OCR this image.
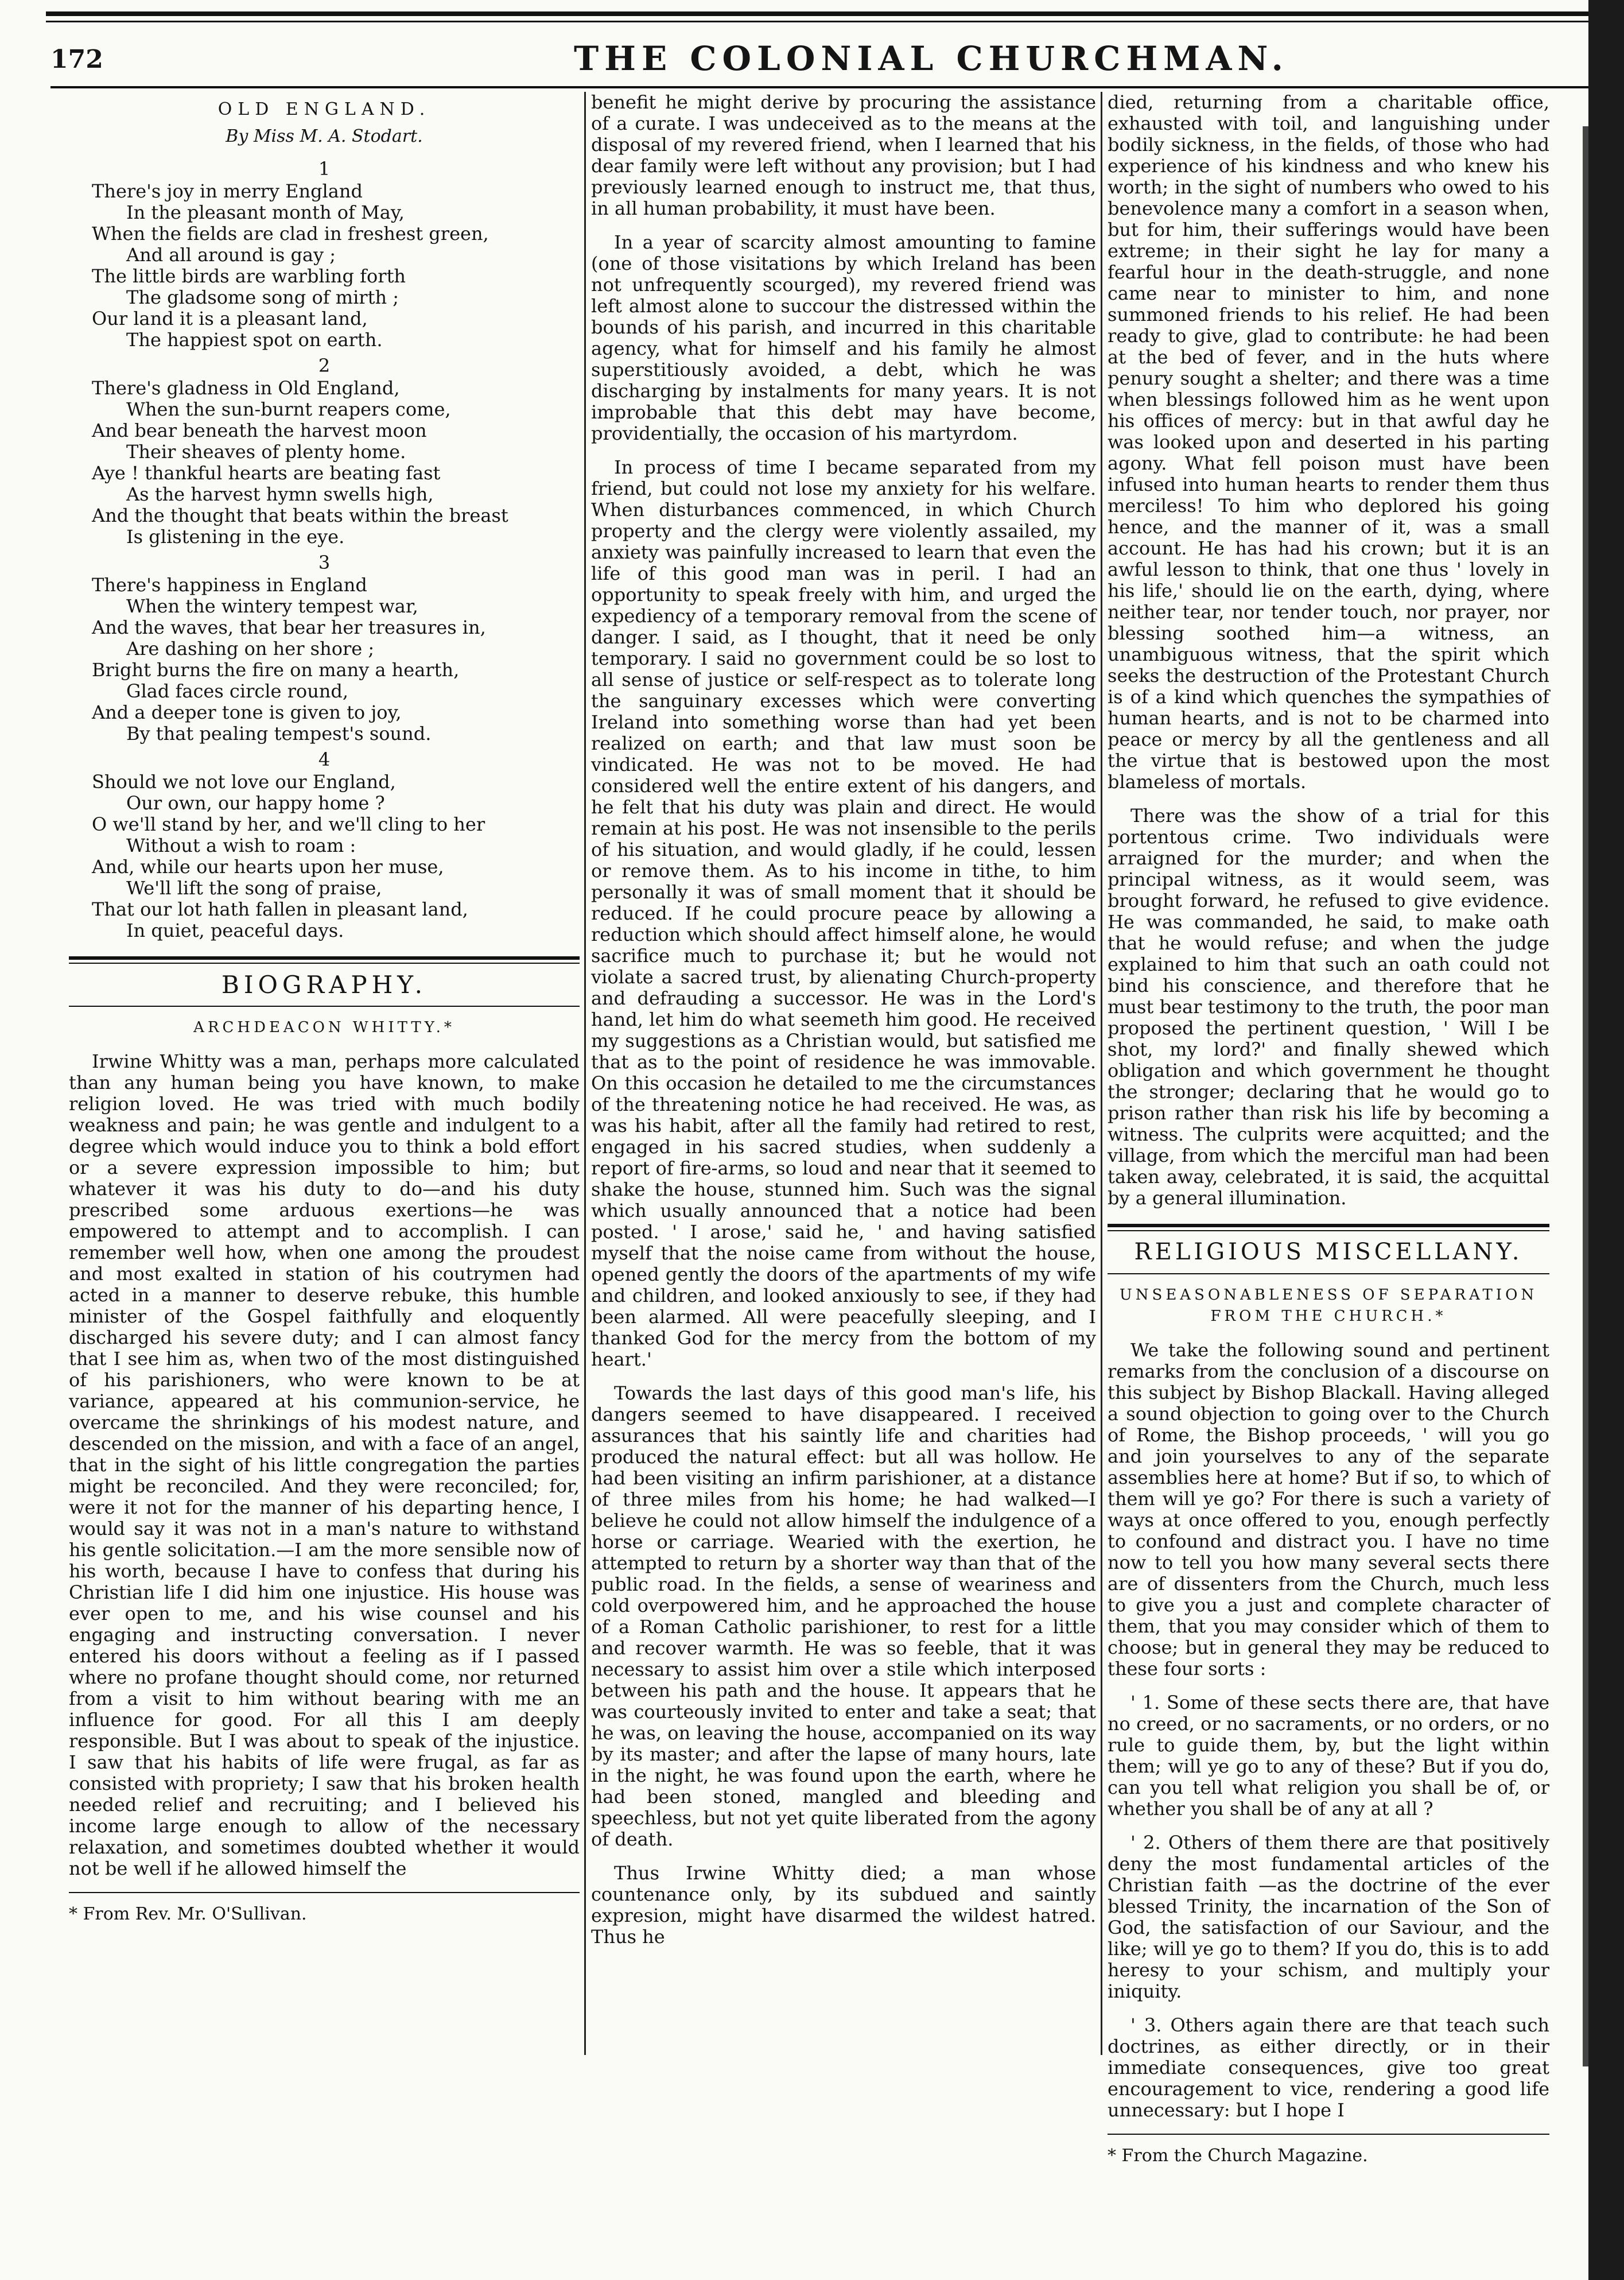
172	THE COLONIAL CHURCHMAN.
OLD ENGLAND.
By Miss M. A. Stodart.
1
There's joy in merry England
In the pleasant month of May,
When the fields are clad in freshest green,
And all around is gay ;
The little birds are warbling forth
The gladsome song of mirth ;
Our land it is a pleasant land,
The happiest spot on earth.
2
There's gladness in Old England,
When the sun-burnt reapers come,
And bear beneath the harvest moon
Their sheaves of plenty home.
Aye ! thankful hearts are beating fast
As the harvest hymn swells high,
And the thought that beats within the breast
Is glistening in the eye.
3
There's happiness in England
When the wintery tempest war,
And the waves, that bear her treasures in,
Are dashing on her shore ;
Bright burns the fire on many a hearth,
Glad faces circle round,
And a deeper tone is given to joy,
By that pealing tempest's sound.
4
Should we not love our England,
Our own, our happy home ?
O we'll stand by her, and we'll cling to her
Without a wish to roam :
And, while our hearts upon her muse,
We'll lift the song of praise,
That our lot hath fallen in pleasant land,
In quiet, peaceful days.
BIOGRAPHY.
ARCHDEACON WHITTY.*

Irwine Whitty was a man, perhaps more calculated than any human being you have known, to make religion loved. He was tried with much bodily weakness and pain; he was gentle and indulgent to a degree which would induce you to think a bold effort or a severe expression impossible to him; but whatever it was his duty to do—and his duty prescribed some arduous exertions—he was empowered to attempt and to accomplish. I can remember well how, when one among the proudest and most exalted in station of his coutrymen had acted in a manner to deserve rebuke, this humble minister of the Gospel faithfully and eloquently discharged his severe duty; and I can almost fancy that I see him as, when two of the most distinguished of his parishioners, who were known to be at variance, appeared at his communion-service, he overcame the shrinkings of his modest nature, and descended on the mission, and with a face of an angel, that in the sight of his little congregation the parties might be reconciled. And they were reconciled; for, were it not for the manner of his departing hence, I would say it was not in a man's nature to withstand his gentle solicitation.—I am the more sensible now of his worth, because I have to confess that during his Christian life I did him one injustice. His house was ever open to me, and his wise counsel and his engaging and instructing conversation. I never entered his doors without a feeling as if I passed where no profane thought should come, nor returned from a visit to him without bearing with me an influence for good. For all this I am deeply responsible. But I was about to speak of the injustice. I saw that his habits of life were frugal, as far as consisted with propriety; I saw that his broken health needed relief and recruiting; and I believed his income large enough to allow of the necessary relaxation, and sometimes doubted whether it would not be well if he allowed himself the

* From Rev. Mr. O'Sullivan.

benefit he might derive by procuring the assistance of a curate. I was undeceived as to the means at the disposal of my revered friend, when I learned that his dear family were left without any provision; but I had previously learned enough to instruct me, that thus, in all human probability, it must have been.

In a year of scarcity almost amounting to famine (one of those visitations by which Ireland has been not unfrequently scourged), my revered friend was left almost alone to succour the distressed within the bounds of his parish, and incurred in this charitable agency, what for himself and his family he almost superstitiously avoided, a debt, which he was discharging by instalments for many years. It is not improbable that this debt may have become, providentially, the occasion of his martyrdom.

In process of time I became separated from my friend, but could not lose my anxiety for his welfare. When disturbances commenced, in which Church property and the clergy were violently assailed, my anxiety was painfully increased to learn that even the life of this good man was in peril. I had an opportunity to speak freely with him, and urged the expediency of a temporary removal from the scene of danger. I said, as I thought, that it need be only temporary. I said no government could be so lost to all sense of justice or self-respect as to tolerate long the sanguinary excesses which were converting Ireland into something worse than had yet been realized on earth; and that law must soon be vindicated. He was not to be moved. He had considered well the entire extent of his dangers, and he felt that his duty was plain and direct. He would remain at his post. He was not insensible to the perils of his situation, and would gladly, if he could, lessen or remove them. As to his income in tithe, to him personally it was of small moment that it should be reduced. If he could procure peace by allowing a reduction which should affect himself alone, he would sacrifice much to purchase it; but he would not violate a sacred trust, by alienating Church-property and defrauding a successor. He was in the Lord's hand, let him do what seemeth him good. He received my suggestions as a Christian would, but satisfied me that as to the point of residence he was immovable. On this occasion he detailed to me the circumstances of the threatening notice he had received. He was, as was his habit, after all the family had retired to rest, engaged in his sacred studies, when suddenly a report of fire-arms, so loud and near that it seemed to shake the house, stunned him. Such was the signal which usually announced that a notice had been posted. ' I arose,' said he, ' and having satisfied myself that the noise came from without the house, opened gently the doors of the apartments of my wife and children, and looked anxiously to see, if they had been alarmed. All were peacefully sleeping, and I thanked God for the mercy from the bottom of my heart.'

Towards the last days of this good man's life, his dangers seemed to have disappeared. I received assurances that his saintly life and charities had produced the natural effect: but all was hollow. He had been visiting an infirm parishioner, at a distance of three miles from his home; he had walked—I believe he could not allow himself the indulgence of a horse or carriage. Wearied with the exertion, he attempted to return by a shorter way than that of the public road. In the fields, a sense of weariness and cold overpowered him, and he approached the house of a Roman Catholic parishioner, to rest for a little and recover warmth. He was so feeble, that it was necessary to assist him over a stile which interposed between his path and the house. It appears that he was courteously invited to enter and take a seat; that he was, on leaving the house, accompanied on its way by its master; and after the lapse of many hours, late in the night, he was found upon the earth, where he had been stoned, mangled and bleeding and speechless, but not yet quite liberated from the agony of death.

Thus Irwine Whitty died; a man whose countenance only, by its subdued and saintly expresion, might have disarmed the wildest hatred. Thus he

died, returning from a charitable office, exhausted with toil, and languishing under bodily sickness, in the fields, of those who had experience of his kindness and who knew his worth; in the sight of numbers who owed to his benevolence many a comfort in a season when, but for him, their sufferings would have been extreme; in their sight he lay for many a fearful hour in the death-struggle, and none came near to minister to him, and none summoned friends to his relief. He had been ready to give, glad to contribute: he had been at the bed of fever, and in the huts where penury sought a shelter; and there was a time when blessings followed him as he went upon his offices of mercy: but in that awful day he was looked upon and deserted in his parting agony. What fell poison must have been infused into human hearts to render them thus merciless! To him who deplored his going hence, and the manner of it, was a small account. He has had his crown; but it is an awful lesson to think, that one thus ' lovely in his life,' should lie on the earth, dying, where neither tear, nor tender touch, nor prayer, nor blessing soothed him—a witness, an unambiguous witness, that the spirit which seeks the destruction of the Protestant Church is of a kind which quenches the sympathies of human hearts, and is not to be charmed into peace or mercy by all the gentleness and all the virtue that is bestowed upon the most blameless of mortals.

There was the show of a trial for this portentous crime. Two individuals were arraigned for the murder; and when the principal witness, as it would seem, was brought forward, he refused to give evidence. He was commanded, he said, to make oath that he would refuse; and when the judge explained to him that such an oath could not bind his conscience, and therefore that he must bear testimony to the truth, the poor man proposed the pertinent question, ' Will I be shot, my lord?' and finally shewed which obligation and which government he thought the stronger; declaring that he would go to prison rather than risk his life by becoming a witness. The culprits were acquitted; and the village, from which the merciful man had been taken away, celebrated, it is said, the acquittal by a general illumination.

RELIGIOUS MISCELLANY.
UNSEASONABLENESS OF SEPARATION FROM THE CHURCH.*

We take the following sound and pertinent remarks from the conclusion of a discourse on this subject by Bishop Blackall. Having alleged a sound objection to going over to the Church of Rome, the Bishop proceeds, ' will you go and join yourselves to any of the separate assemblies here at home? But if so, to which of them will ye go? For there is such a variety of ways at once offered to you, enough perfectly to confound and distract you. I have no time now to tell you how many several sects there are of dissenters from the Church, much less to give you a just and complete character of them, that you may consider which of them to choose; but in general they may be reduced to these four sorts :

' 1. Some of these sects there are, that have no creed, or no sacraments, or no orders, or no rule to guide them, by, but the light within them; will ye go to any of these? But if you do, can you tell what religion you shall be of, or whether you shall be of any at all ?

' 2. Others of them there are that positively deny the most fundamental articles of the Christian faith —as the doctrine of the ever blessed Trinity, the incarnation of the Son of God, the satisfaction of our Saviour, and the like; will ye go to them? If you do, this is to add heresy to your schism, and multiply your iniquity.

' 3. Others again there are that teach such doctrines, as either directly, or in their immediate consequences, give too great encouragement to vice, rendering a good life unnecessary: but I hope I

* From the Church Magazine.
